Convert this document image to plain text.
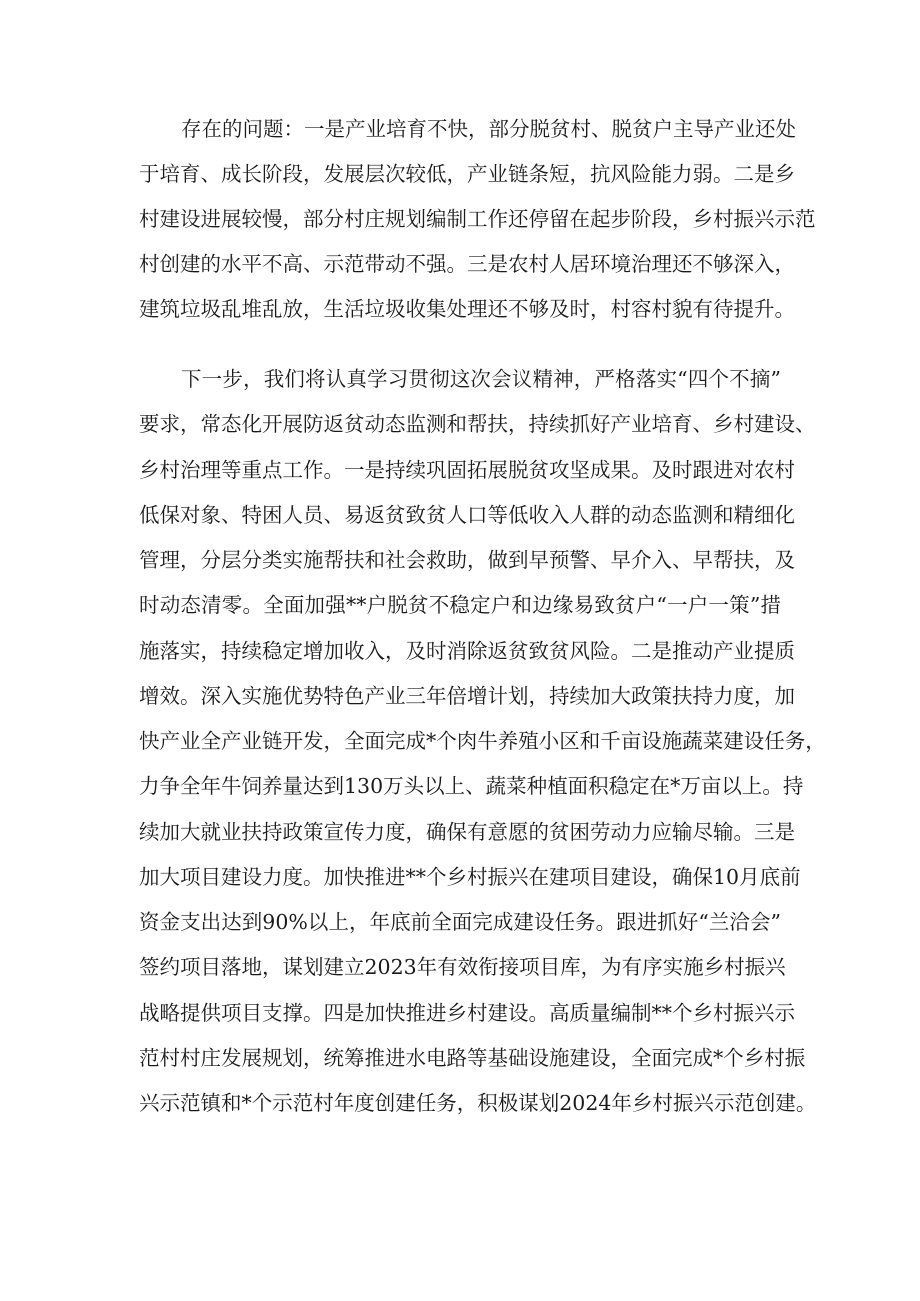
存在的问题：一是产业培育不快，部分脱贫村、脱贫户主导产业还处
于培育、成长阶段，发展层次较低，产业链条短，抗风险能力弱。二是乡
村建设进展较慢，部分村庄规划编制工作还停留在起步阶段，乡村振兴示范
村创建的水平不高、示范带动不强。三是农村人居环境治理还不够深入，
建筑垃圾乱堆乱放，生活垃圾收集处理还不够及时，村容村貌有待提升。
下一步，我们将认真学习贯彻这次会议精神，严格落实“四个不摘”
要求，常态化开展防返贫动态监测和帮扶，持续抓好产业培育、乡村建设、
乡村治理等重点工作。一是持续巩固拓展脱贫攻坚成果。及时跟进对农村
低保对象、特困人员、易返贫致贫人口等低收入人群的动态监测和精细化
管理，分层分类实施帮扶和社会救助，做到早预警、早介入、早帮扶，及
时动态清零。全面加强**户脱贫不稳定户和边缘易致贫户“一户一策”措
施落实，持续稳定增加收入，及时消除返贫致贫风险。二是推动产业提质
增效。深入实施优势特色产业三年倍增计划，持续加大政策扶持力度，加
快产业全产业链开发，全面完成*个肉牛养殖小区和千亩设施蔬菜建设任务，
力争全年牛饲养量达到130万头以上、蔬菜种植面积稳定在*万亩以上。持
续加大就业扶持政策宣传力度，确保有意愿的贫困劳动力应输尽输。三是
加大项目建设力度。加快推进**个乡村振兴在建项目建设，确保10月底前
资金支出达到90%以上，年底前全面完成建设任务。跟进抓好“兰洽会”
签约项目落地，谋划建立2023年有效衔接项目库，为有序实施乡村振兴
战略提供项目支撑。四是加快推进乡村建设。高质量编制**个乡村振兴示
范村村庄发展规划，统筹推进水电路等基础设施建设，全面完成*个乡村振
兴示范镇和*个示范村年度创建任务，积极谋划2024年乡村振兴示范创建。
